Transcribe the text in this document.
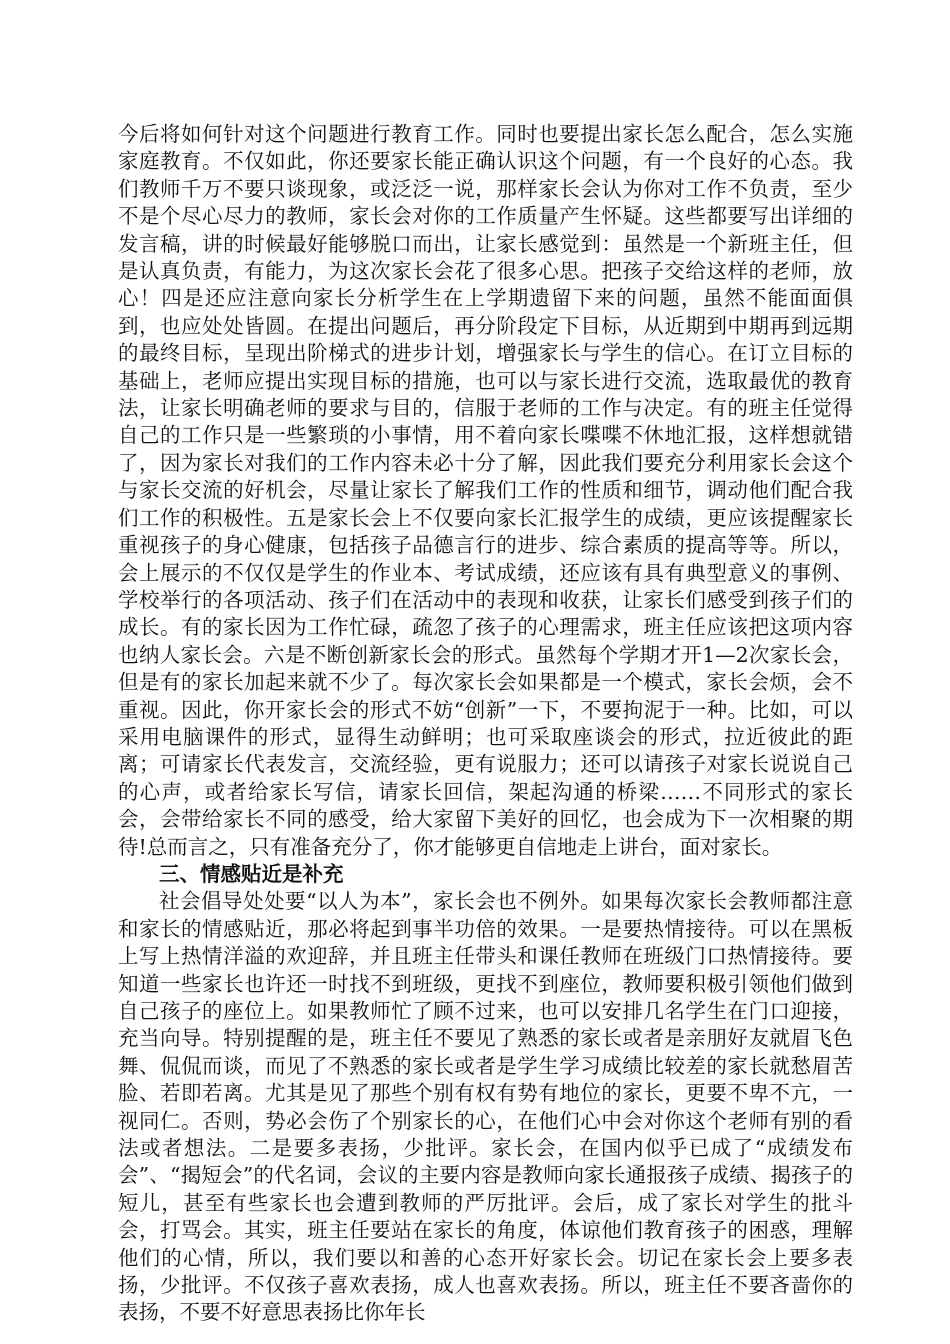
今后将如何针对这个问题进行教育工作。同时也要提出家长怎么配合，怎么实施家庭教育。不仅如此，你还要家长能正确认识这个问题，有一个良好的心态。我们教师千万不要只谈现象，或泛泛一说，那样家长会认为你对工作不负责，至少不是个尽心尽力的教师，家长会对你的工作质量产生怀疑。这些都要写出详细的发言稿，讲的时候最好能够脱口而出，让家长感觉到：虽然是一个新班主任，但是认真负责，有能力，为这次家长会花了很多心思。把孩子交给这样的老师，放心！四是还应注意向家长分析学生在上学期遗留下来的问题，虽然不能面面俱到，也应处处皆圆。在提出问题后，再分阶段定下目标，从近期到中期再到远期的最终目标，呈现出阶梯式的进步计划，增强家长与学生的信心。在订立目标的基础上，老师应提出实现目标的措施，也可以与家长进行交流，选取最优的教育法，让家长明确老师的要求与目的，信服于老师的工作与决定。有的班主任觉得自己的工作只是一些繁琐的小事情，用不着向家长喋喋不休地汇报，这样想就错了，因为家长对我们的工作内容未必十分了解，因此我们要充分利用家长会这个与家长交流的好机会，尽量让家长了解我们工作的性质和细节，调动他们配合我们工作的积极性。五是家长会上不仅要向家长汇报学生的成绩，更应该提醒家长重视孩子的身心健康，包括孩子品德言行的进步、综合素质的提高等等。所以，会上展示的不仅仅是学生的作业本、考试成绩，还应该有具有典型意义的事例、学校举行的各项活动、孩子们在活动中的表现和收获，让家长们感受到孩子们的成长。有的家长因为工作忙碌，疏忽了孩子的心理需求，班主任应该把这项内容也纳人家长会。六是不断创新家长会的形式。虽然每个学期才开1—2次家长会，但是有的家长加起来就不少了。每次家长会如果都是一个模式，家长会烦，会不重视。因此，你开家长会的形式不妨“创新”一下，不要拘泥于一种。比如，可以采用电脑课件的形式，显得生动鲜明；也可采取座谈会的形式，拉近彼此的距离；可请家长代表发言，交流经验，更有说服力；还可以请孩子对家长说说自己的心声，或者给家长写信，请家长回信，架起沟通的桥梁……不同形式的家长会，会带给家长不同的感受，给大家留下美好的回忆，也会成为下一次相聚的期待!总而言之，只有准备充分了，你才能够更自信地走上讲台，面对家长。

三、情感贴近是补充

社会倡导处处要“以人为本”，家长会也不例外。如果每次家长会教师都注意和家长的情感贴近，那必将起到事半功倍的效果。一是要热情接待。可以在黑板上写上热情洋溢的欢迎辞，并且班主任带头和课任教师在班级门口热情接待。要知道一些家长也许还一时找不到班级，更找不到座位，教师要积极引领他们做到自己孩子的座位上。如果教师忙了顾不过来，也可以安排几名学生在门口迎接，充当向导。特别提醒的是，班主任不要见了熟悉的家长或者是亲朋好友就眉飞色舞、侃侃而谈，而见了不熟悉的家长或者是学生学习成绩比较差的家长就愁眉苦脸、若即若离。尤其是见了那些个别有权有势有地位的家长，更要不卑不亢，一视同仁。否则，势必会伤了个别家长的心，在他们心中会对你这个老师有别的看法或者想法。二是要多表扬，少批评。家长会，在国内似乎已成了“成绩发布会”、“揭短会”的代名词，会议的主要内容是教师向家长通报孩子成绩、揭孩子的短儿，甚至有些家长也会遭到教师的严厉批评。会后，成了家长对学生的批斗会，打骂会。其实，班主任要站在家长的角度，体谅他们教育孩子的困惑，理解他们的心情，所以，我们要以和善的心态开好家长会。切记在家长会上要多表扬，少批评。不仅孩子喜欢表扬，成人也喜欢表扬。所以，班主任不要吝啬你的表扬，不要不好意思表扬比你年长
